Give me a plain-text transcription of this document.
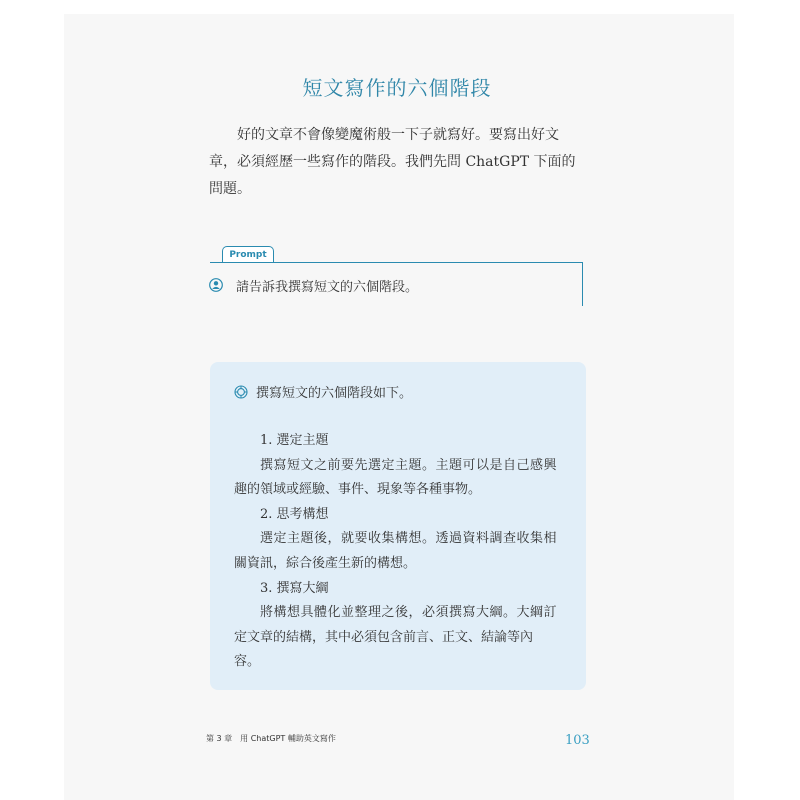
短文寫作的六個階段
好的文章不會像變魔術般一下子就寫好。要寫出好文
章，必須經歷一些寫作的階段。我們先問 ChatGPT 下面的
問題。
Prompt
請告訴我撰寫短文的六個階段。
撰寫短文的六個階段如下。
1. 選定主題
撰寫短文之前要先選定主題。主題可以是自己感興
趣的領域或經驗、事件、現象等各種事物。
2. 思考構想
選定主題後，就要收集構想。透過資料調查收集相
關資訊，綜合後產生新的構想。
3. 撰寫大綱
將構想具體化並整理之後，必須撰寫大綱。大綱訂
定文章的結構，其中必須包含前言、正文、結論等內
容。
第 3 章　用 ChatGPT 輔助英文寫作	103
